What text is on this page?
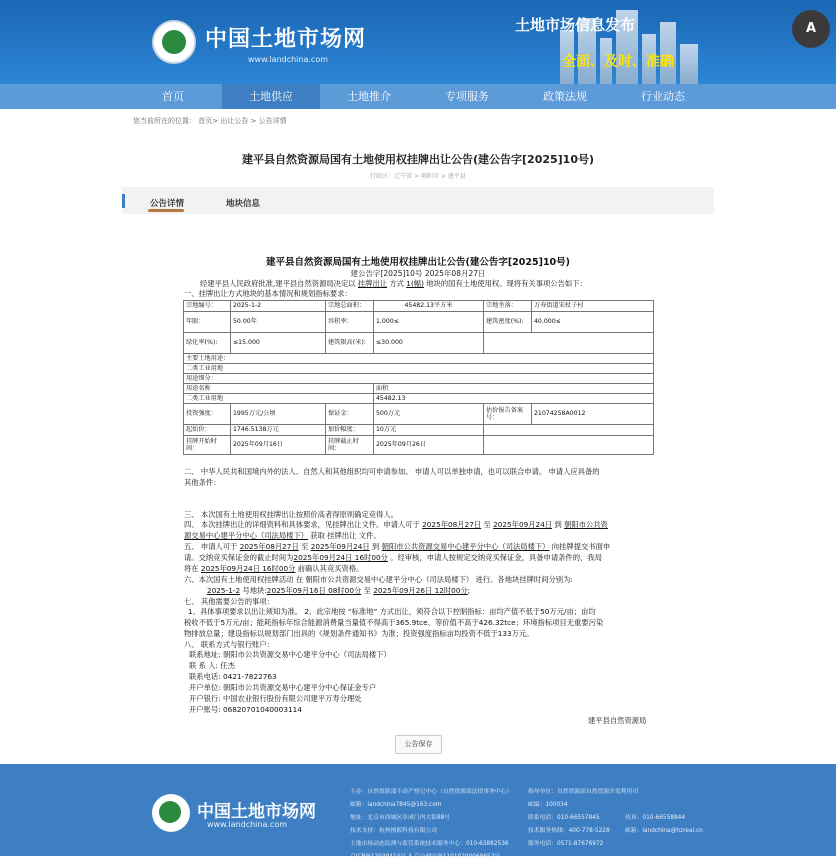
中国土地市场网
www.landchina.com
土地市场信息发布
全面、及时、准确
A
首页	土地供应	土地推介	专项服务	政策法规	行业动态
您当前所在的位置： 首页> 出让公告 > 公告详情
建平县自然资源局国有土地使用权挂牌出让公告(建公告字[2025]10号)
行政区：辽宁省 > 朝阳市 > 建平县
公告详情	地块信息
建平县自然资源局国有土地使用权挂牌出让公告(建公告字[2025]10号)
建公告字[2025]10号 2025年08月27日
经建平县人民政府批准,建平县自然资源局决定以 挂牌出让 方式 1(幅) 地块的国有土地使用权。现将有关事项公告如下：
一、挂牌出让方式地块的基本情况和规划指标要求：
宗地编号：	2025-1-2	宗地总面积：	45482.13平方米	宗地坐落：	万寿街道宋杖子村
年限：	50.00年	容积率：	1.000≤	建筑密度(%):	40.000≤
绿化率(%):	≤15.000	建筑限高(米):	≤30.000		
主要土地用途：					
二类工业用地					
用途细分：					
用途名称			面积		
二类工业用地			45482.13		
投资强度：	1995万元/公顷	保证金：	500万元	估价报告备案号：	21074258A0012
起始价：	1746.5138万元	加价幅度：	10万元		
挂牌开始时间：	2025年09月16日	挂牌截止时间：	2025年09月26日		
二、 中华人民共和国境内外的法人、自然人和其他组织均可申请参加。 申请人可以单独申请，也可以联合申请。 申请人应具备的
其他条件：
三、 本次国有土地使用权挂牌出让按照价高者得原则确定竞得人。
四、 本次挂牌出让的详细资料和具体要求，见挂牌出让文件。申请人可于 2025年08月27日 至 2025年09月24日 到 朝阳市公共资
源交易中心建平分中心（司法局楼下） 获取 挂牌出让 文件。
五、 申请人可于 2025年08月27日 至 2025年09月24日 到 朝阳市公共资源交易中心建平分中心（司法局楼下） 向挂牌提交书面申
请。交纳竞买保证金的截止时间为2025年09月24日 16时00分 。经审核，申请人按规定交纳竞买保证金，具备申请条件的，我局
将在 2025年09月24日 16时00分 前确认其竞买资格。
六、本次国有土地使用权挂牌活动 在 朝阳市公共资源交易中心建平分中心（司法局楼下） 进行。各地块挂牌时间分别为:
2025-1-2 号地块:2025年09月16日 08时00分 至 2025年09月26日 12时00分;
七、 其他需要公告的事项：
1、具体事项要求以出让须知为准。 2、此宗地按 “标准地” 方式出让，须符合以下控制指标：亩均产值不低于50万元/亩；亩均
税收不低于5万元/亩；能耗指标年综合能源消费量当量值不得高于365.9tce、等价值不高于426.32tce；环境指标项目无重要污染
物排放总量；建设指标以规划部门出具的《规划条件通知书》为准；投资强度指标亩均投资不低于133万元。
八、 联系方式与银行账户：
联系地址: 朝阳市公共资源交易中心建平分中心（司法局楼下）
联 系 人: 任杰
联系电话: 0421-7822763
开户单位: 朝阳市公共资源交易中心建平分中心保证金专户
开户银行: 中国农业银行股份有限公司建平万寿分理处
开户账号: 06820701040003114
建平县自然资源局
公告保存
中国土地市场网
www.landchina.com
主办：自然资源部不动产登记中心（自然资源部法律事务中心）
邮箱：landchina7845@163.com
地址：北京市西城区阜成门内大街88号
技术支持：杭州擅毅科技有限公司
土地市场动态监测与监管系统技术服务中心：010-63882536
京ICP备12039414号-4 京公网安备11010200068652号
指导单位：自然资源部自然资源开发利用司
邮编：100034
联系电话：010-66557845
技术服务热线：400-778-5228
服务电话：0571-87676972
传真：010-66558844
邮箱：landchina@hzreal.cn
